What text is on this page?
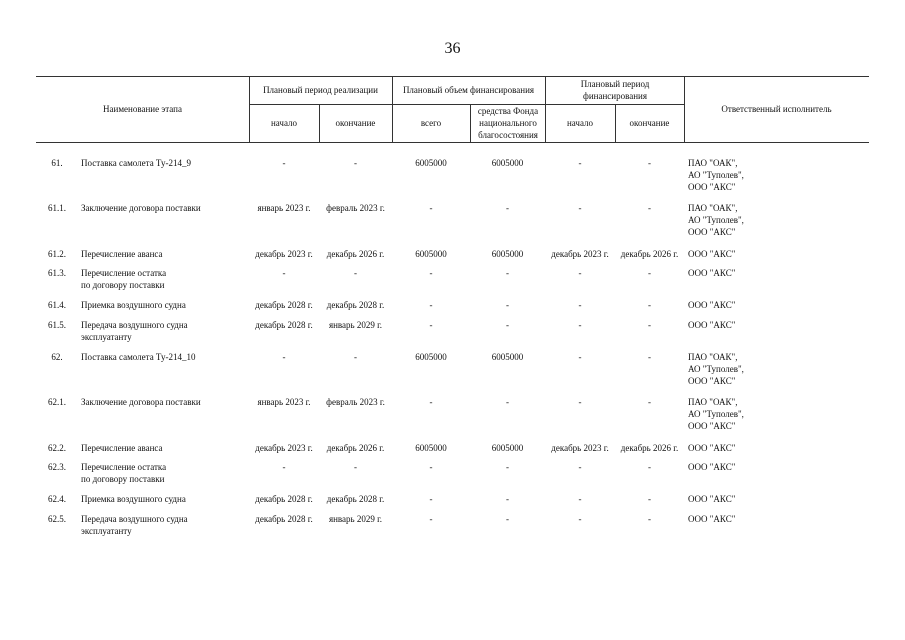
36
Наименование этапа
Плановый период реализации	Плановый объем финансирования
Плановый период финансирования
Ответственный исполнитель
начало	окончание	всего
средства Фонда национального благосостояния
начало	окончание
61.	Поставка самолета Ту-214_9	-	-	6005000	6005000	-	-	ПАО "ОАК",
АО "Туполев",
ООО "АКС"
61.1.	Заключение договора поставки	январь 2023 г.	февраль 2023 г.	-	-	-	-	ПАО "ОАК",
АО "Туполев",
ООО "АКС"
61.2.	Перечисление аванса	декабрь 2023 г.	декабрь 2026 г.	6005000	6005000	декабрь 2023 г.	декабрь 2026 г.	ООО "АКС"
61.3.	Перечисление остатка
по договору поставки
-	-	-	-	-	-	ООО "АКС"
61.4.	Приемка воздушного судна	декабрь 2028 г.	декабрь 2028 г.	-	-	-	-	ООО "АКС"
61.5.	Передача воздушного судна
эксплуатанту
декабрь 2028 г.	январь 2029 г.	-	-	-	-	ООО "АКС"
62.	Поставка самолета Ту-214_10	-	-	6005000	6005000	-	-	ПАО "ОАК",
АО "Туполев",
ООО "АКС"
62.1.	Заключение договора поставки	январь 2023 г.	февраль 2023 г.	-	-	-	-	ПАО "ОАК",
АО "Туполев",
ООО "АКС"
62.2.	Перечисление аванса	декабрь 2023 г.	декабрь 2026 г.	6005000	6005000	декабрь 2023 г.	декабрь 2026 г.	ООО "АКС"
62.3.	Перечисление остатка
по договору поставки
-	-	-	-	-	-	ООО "АКС"
62.4.	Приемка воздушного судна	декабрь 2028 г.	декабрь 2028 г.	-	-	-	-	ООО "АКС"
62.5.	Передача воздушного судна
эксплуатанту
декабрь 2028 г.	январь 2029 г.	-	-	-	-	ООО "АКС"
